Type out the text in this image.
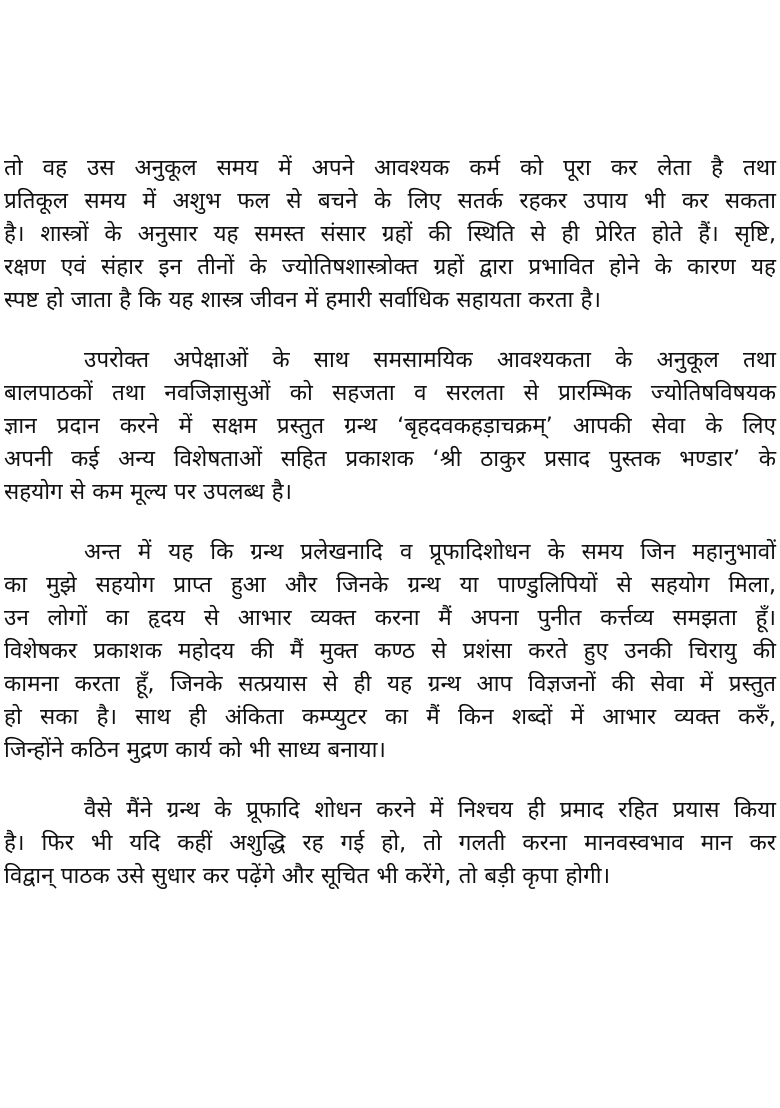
तो वह उस अनुकूल समय में अपने आवश्यक कर्म को पूरा कर लेता है तथा
प्रतिकूल समय में अशुभ फल से बचने के लिए सतर्क रहकर उपाय भी कर सकता
है। शास्त्रों के अनुसार यह समस्त संसार ग्रहों की स्थिति से ही प्रेरित होते हैं। सृष्टि,
रक्षण एवं संहार इन तीनों के ज्योतिषशास्त्रोक्त ग्रहों द्वारा प्रभावित होने के कारण यह
स्पष्ट हो जाता है कि यह शास्त्र जीवन में हमारी सर्वाधिक सहायता करता है।
उपरोक्त अपेक्षाओं के साथ समसामयिक आवश्यकता के अनुकूल तथा
बालपाठकों तथा नवजिज्ञासुओं को सहजता व सरलता से प्रारम्भिक ज्योतिषविषयक
ज्ञान प्रदान करने में सक्षम प्रस्तुत ग्रन्थ ‘बृहदवकहड़ाचक्रम्’ आपकी सेवा के लिए
अपनी कई अन्य विशेषताओं सहित प्रकाशक ‘श्री ठाकुर प्रसाद पुस्तक भण्डार’ के
सहयोग से कम मूल्य पर उपलब्ध है।
अन्त में यह कि ग्रन्थ प्रलेखनादि व प्रूफादिशोधन के समय जिन महानुभावों
का मुझे सहयोग प्राप्त हुआ और जिनके ग्रन्थ या पाण्डुलिपियों से सहयोग मिला,
उन लोगों का हृदय से आभार व्यक्त करना मैं अपना पुनीत कर्त्तव्य समझता हूँ।
विशेषकर प्रकाशक महोदय की मैं मुक्त कण्ठ से प्रशंसा करते हुए उनकी चिरायु की
कामना करता हूँ, जिनके सत्प्रयास से ही यह ग्रन्थ आप विज्ञजनों की सेवा में प्रस्तुत
हो सका है। साथ ही अंकिता कम्प्युटर का मैं किन शब्दों में आभार व्यक्त करुँ,
जिन्होंने कठिन मुद्रण कार्य को भी साध्य बनाया।
वैसे मैंने ग्रन्थ के प्रूफादि शोधन करने में निश्चय ही प्रमाद रहित प्रयास किया
है। फिर भी यदि कहीं अशुद्धि रह गई हो, तो गलती करना मानवस्वभाव मान कर
विद्वान् पाठक उसे सुधार कर पढ़ेंगे और सूचित भी करेंगे, तो बड़ी कृपा होगी।
